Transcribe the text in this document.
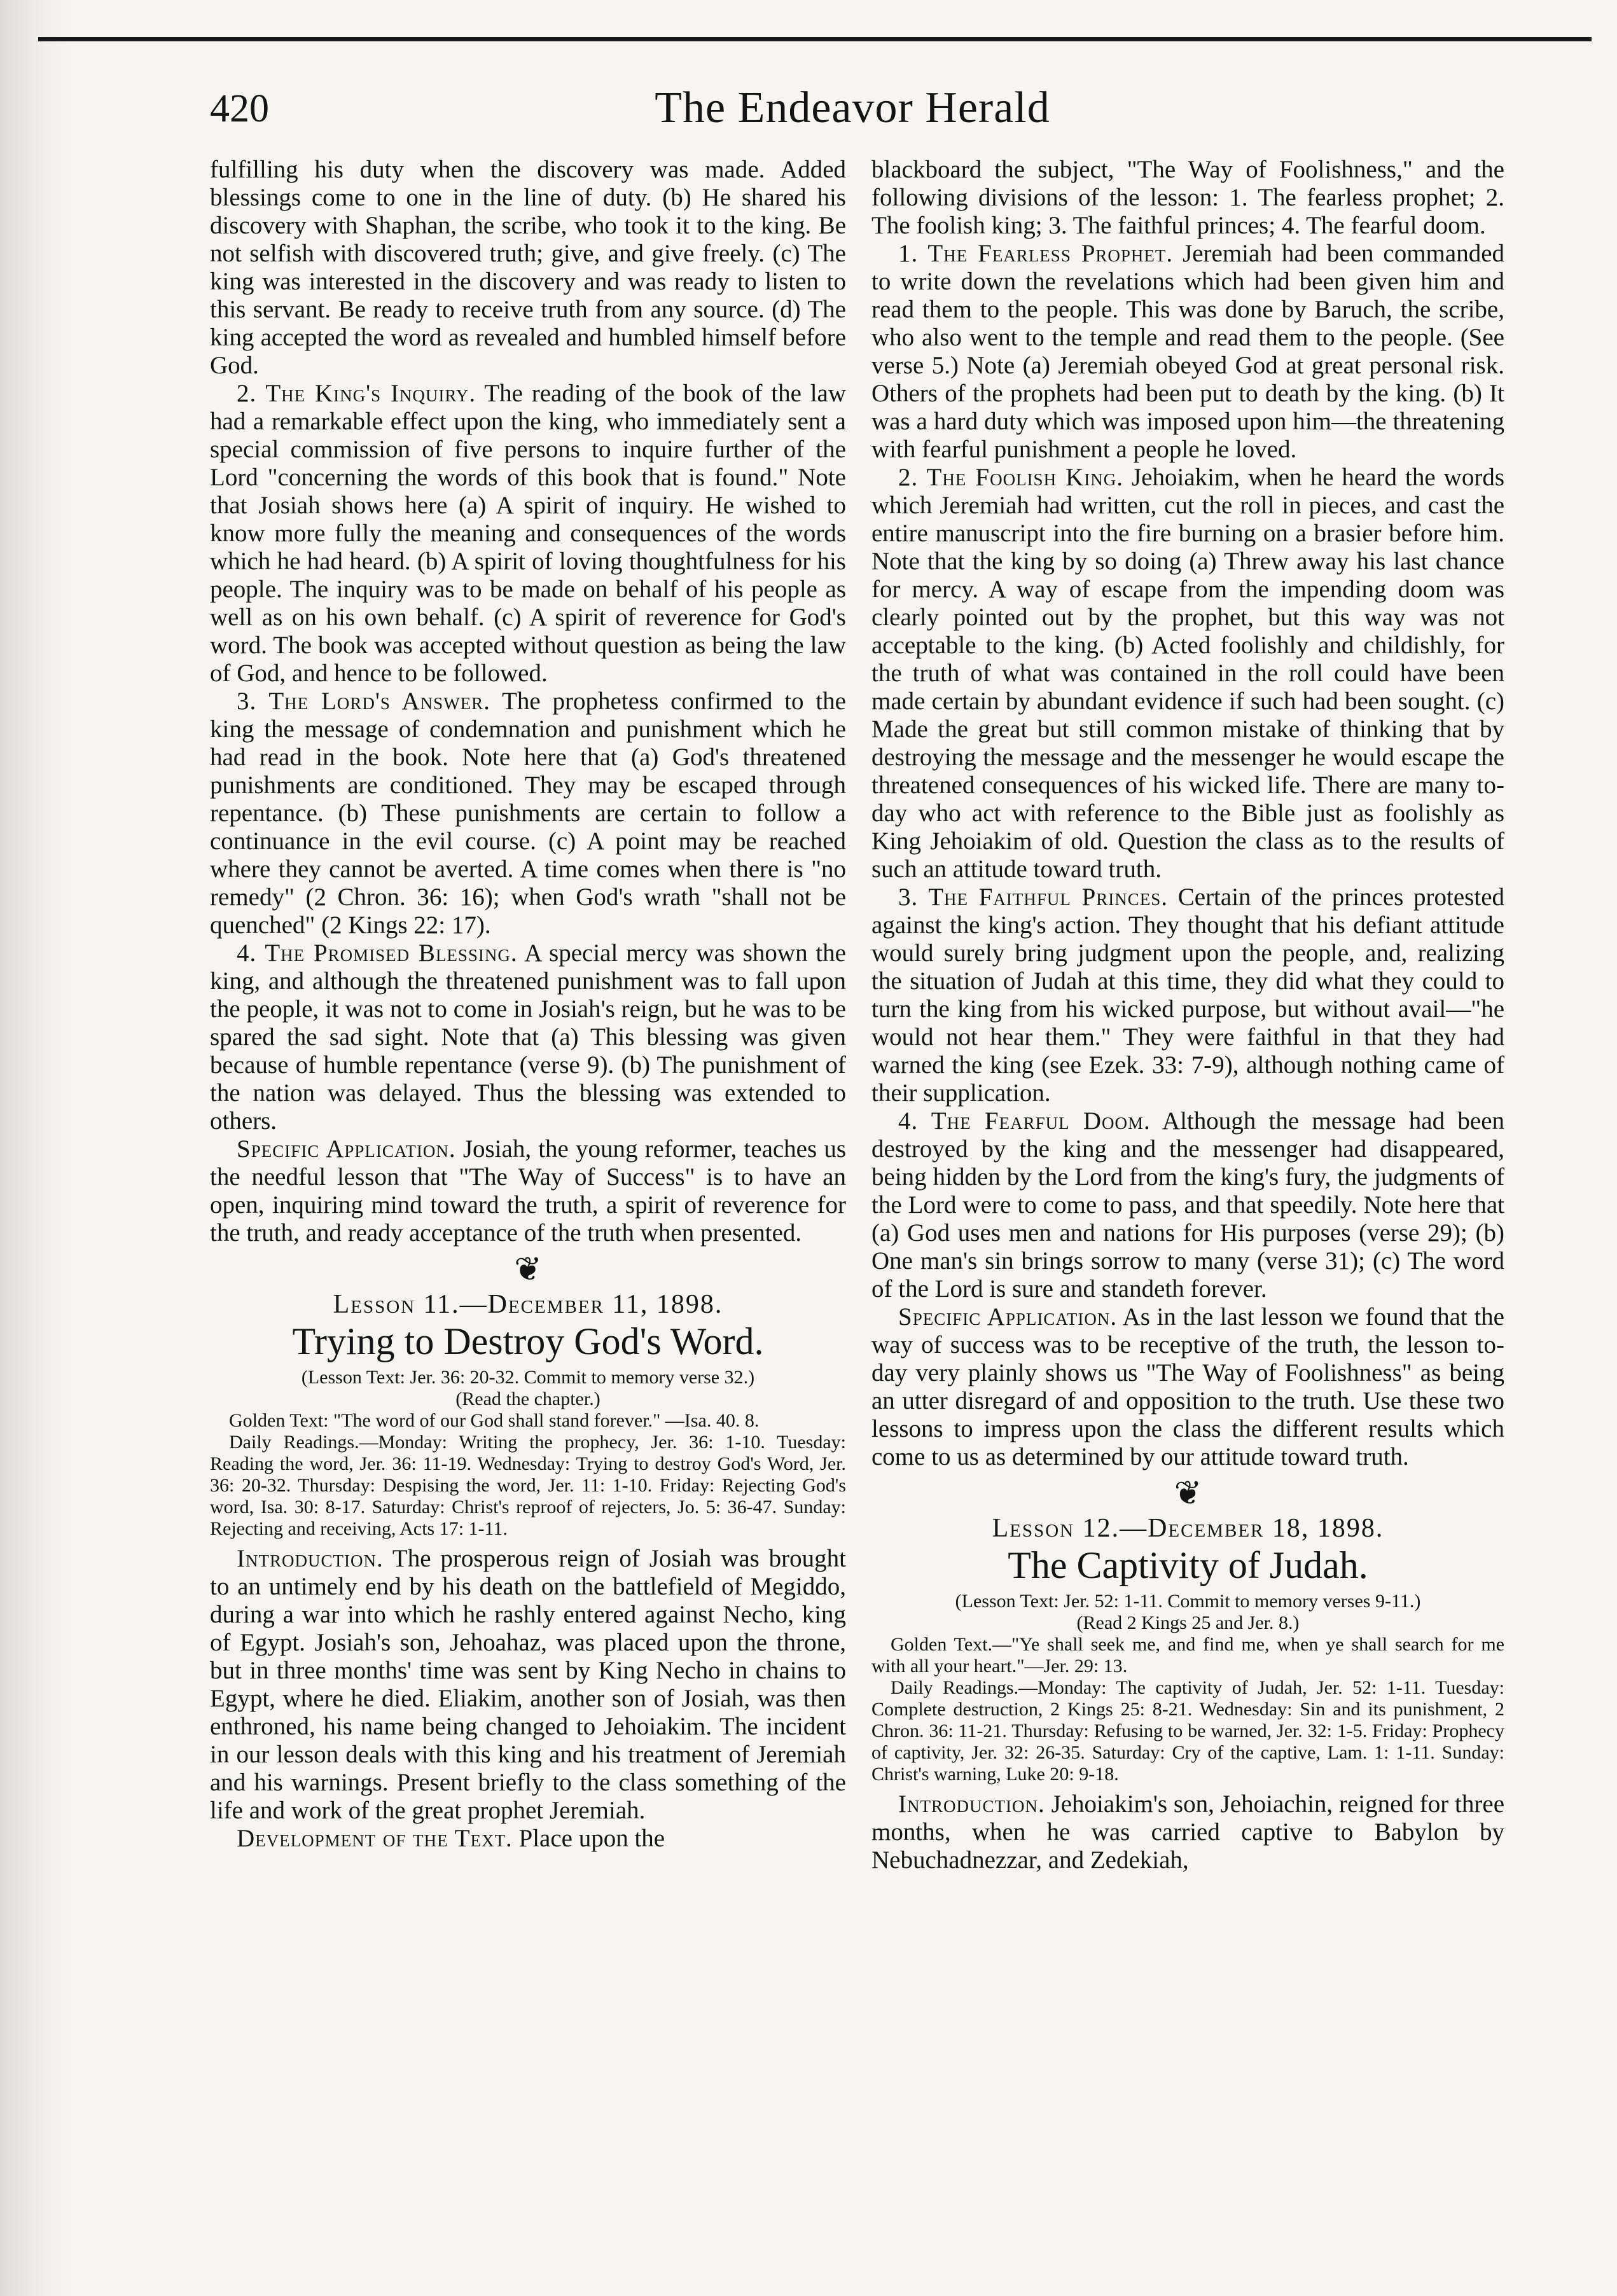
420	The Endeavor Herald

fulfilling his duty when the discovery was made. Added blessings come to one in the line of duty. (b) He shared his discovery with Shaphan, the scribe, who took it to the king. Be not selfish with discovered truth; give, and give freely. (c) The king was interested in the discovery and was ready to listen to this servant. Be ready to receive truth from any source. (d) The king accepted the word as revealed and humbled himself before God.

2. The King's Inquiry. The reading of the book of the law had a remarkable effect upon the king, who immediately sent a special commission of five persons to inquire further of the Lord "concerning the words of this book that is found." Note that Josiah shows here (a) A spirit of inquiry. He wished to know more fully the meaning and consequences of the words which he had heard. (b) A spirit of loving thoughtfulness for his people. The inquiry was to be made on behalf of his people as well as on his own behalf. (c) A spirit of reverence for God's word. The book was accepted without question as being the law of God, and hence to be followed.

3. The Lord's Answer. The prophetess confirmed to the king the message of condemnation and punishment which he had read in the book. Note here that (a) God's threatened punishments are conditioned. They may be escaped through repentance. (b) These punishments are certain to follow a continuance in the evil course. (c) A point may be reached where they cannot be averted. A time comes when there is "no remedy" (2 Chron. 36: 16); when God's wrath "shall not be quenched" (2 Kings 22: 17).

4. The Promised Blessing. A special mercy was shown the king, and although the threatened punishment was to fall upon the people, it was not to come in Josiah's reign, but he was to be spared the sad sight. Note that (a) This blessing was given because of humble repentance (verse 9). (b) The punishment of the nation was delayed. Thus the blessing was extended to others.

Specific Application. Josiah, the young reformer, teaches us the needful lesson that "The Way of Success" is to have an open, inquiring mind toward the truth, a spirit of reverence for the truth, and ready acceptance of the truth when presented.

❦
Lesson 11.—December 11, 1898.
Trying to Destroy God's Word.
(Lesson Text: Jer. 36: 20-32. Commit to memory verse 32.)
(Read the chapter.)

Golden Text: "The word of our God shall stand forever." —Isa. 40. 8.

Daily Readings.—Monday: Writing the prophecy, Jer. 36: 1-10. Tuesday: Reading the word, Jer. 36: 11-19. Wednesday: Trying to destroy God's Word, Jer. 36: 20-32. Thursday: Despising the word, Jer. 11: 1-10. Friday: Rejecting God's word, Isa. 30: 8-17. Saturday: Christ's reproof of rejecters, Jo. 5: 36-47. Sunday: Rejecting and receiving, Acts 17: 1-11.

Introduction. The prosperous reign of Josiah was brought to an untimely end by his death on the battlefield of Megiddo, during a war into which he rashly entered against Necho, king of Egypt. Josiah's son, Jehoahaz, was placed upon the throne, but in three months' time was sent by King Necho in chains to Egypt, where he died. Eliakim, another son of Josiah, was then enthroned, his name being changed to Jehoiakim. The incident in our lesson deals with this king and his treatment of Jeremiah and his warnings. Present briefly to the class something of the life and work of the great prophet Jeremiah.

Development of the Text. Place upon the

blackboard the subject, "The Way of Foolishness," and the following divisions of the lesson: 1. The fearless prophet; 2. The foolish king; 3. The faithful princes; 4. The fearful doom.

1. The Fearless Prophet. Jeremiah had been commanded to write down the revelations which had been given him and read them to the people. This was done by Baruch, the scribe, who also went to the temple and read them to the people. (See verse 5.) Note (a) Jeremiah obeyed God at great personal risk. Others of the prophets had been put to death by the king. (b) It was a hard duty which was imposed upon him—the threatening with fearful punishment a people he loved.

2. The Foolish King. Jehoiakim, when he heard the words which Jeremiah had written, cut the roll in pieces, and cast the entire manuscript into the fire burning on a brasier before him. Note that the king by so doing (a) Threw away his last chance for mercy. A way of escape from the impending doom was clearly pointed out by the prophet, but this way was not acceptable to the king. (b) Acted foolishly and childishly, for the truth of what was contained in the roll could have been made certain by abundant evidence if such had been sought. (c) Made the great but still common mistake of thinking that by destroying the message and the messenger he would escape the threatened consequences of his wicked life. There are many to-day who act with reference to the Bible just as foolishly as King Jehoiakim of old. Question the class as to the results of such an attitude toward truth.

3. The Faithful Princes. Certain of the princes protested against the king's action. They thought that his defiant attitude would surely bring judgment upon the people, and, realizing the situation of Judah at this time, they did what they could to turn the king from his wicked purpose, but without avail—"he would not hear them." They were faithful in that they had warned the king (see Ezek. 33: 7-9), although nothing came of their supplication.

4. The Fearful Doom. Although the message had been destroyed by the king and the messenger had disappeared, being hidden by the Lord from the king's fury, the judgments of the Lord were to come to pass, and that speedily. Note here that (a) God uses men and nations for His purposes (verse 29); (b) One man's sin brings sorrow to many (verse 31); (c) The word of the Lord is sure and standeth forever.

Specific Application. As in the last lesson we found that the way of success was to be receptive of the truth, the lesson to-day very plainly shows us "The Way of Foolishness" as being an utter disregard of and opposition to the truth. Use these two lessons to impress upon the class the different results which come to us as determined by our attitude toward truth.

❦
Lesson 12.—December 18, 1898.
The Captivity of Judah.
(Lesson Text: Jer. 52: 1-11. Commit to memory verses 9-11.)
(Read 2 Kings 25 and Jer. 8.)

Golden Text.—"Ye shall seek me, and find me, when ye shall search for me with all your heart."—Jer. 29: 13.

Daily Readings.—Monday: The captivity of Judah, Jer. 52: 1-11. Tuesday: Complete destruction, 2 Kings 25: 8-21. Wednesday: Sin and its punishment, 2 Chron. 36: 11-21. Thursday: Refusing to be warned, Jer. 32: 1-5. Friday: Prophecy of captivity, Jer. 32: 26-35. Saturday: Cry of the captive, Lam. 1: 1-11. Sunday: Christ's warning, Luke 20: 9-18.

Introduction. Jehoiakim's son, Jehoiachin, reigned for three months, when he was carried captive to Babylon by Nebuchadnezzar, and Zedekiah,
